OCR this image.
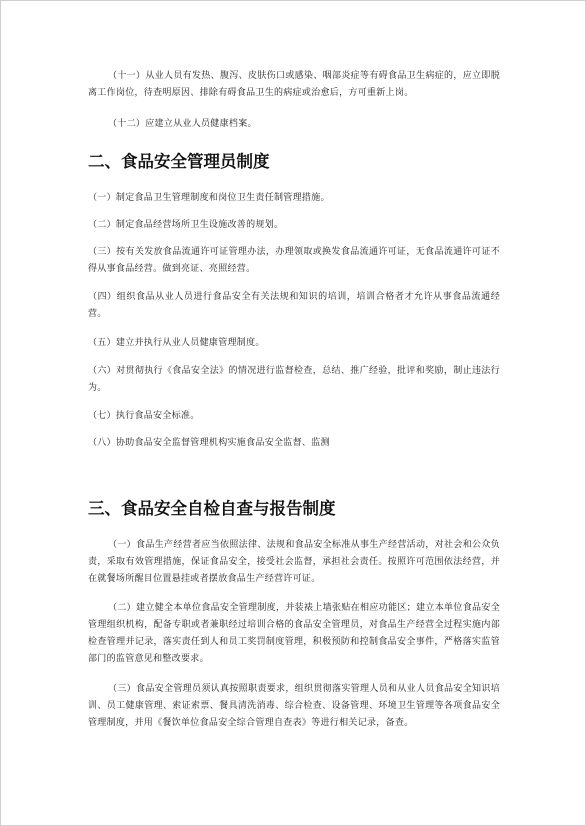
（十一）从业人员有发热、腹泻、皮肤伤口或感染、咽部炎症等有碍食品卫生病症的，应立即脱离工作岗位，待查明原因、排除有碍食品卫生的病症或治愈后，方可重新上岗。

（十二）应建立从业人员健康档案。

二、食品安全管理员制度

（一）制定食品卫生管理制度和岗位卫生责任制管理措施。

（二）制定食品经营场所卫生设施改善的规划。

（三）按有关发放食品流通许可证管理办法，办理领取或换发食品流通许可证，无食品流通许可证不得从事食品经营。做到亮证、亮照经营。

（四）组织食品从业人员进行食品安全有关法规和知识的培训，培训合格者才允许从事食品流通经营。

（五）建立并执行从业人员健康管理制度。

（六）对贯彻执行《食品安全法》的情况进行监督检查，总结、推广经验，批评和奖励，制止违法行为。

（七）执行食品安全标准。

（八）协助食品安全监督管理机构实施食品安全监督、监测

三、食品安全自检自查与报告制度

（一）食品生产经营者应当依照法律、法规和食品安全标准从事生产经营活动，对社会和公众负责，采取有效管理措施，保证食品安全，接受社会监督，承担社会责任。按照许可范围依法经营，并在就餐场所醒目位置悬挂或者摆放食品生产经营许可证。

（二）建立健全本单位食品安全管理制度，并装裱上墙张贴在相应功能区；建立本单位食品安全管理组织机构，配备专职或者兼职经过培训合格的食品安全管理员，对食品生产经营全过程实施内部检查管理并记录，落实责任到人和员工奖罚制度管理，积极预防和控制食品安全事件，严格落实监管部门的监管意见和整改要求。

（三）食品安全管理员须认真按照职责要求，组织贯彻落实管理人员和从业人员食品安全知识培训、员工健康管理、索证索票、餐具清洗消毒、综合检查、设备管理、环境卫生管理等各项食品安全管理制度，并用《餐饮单位食品安全综合管理自查表》等进行相关记录，备查。
